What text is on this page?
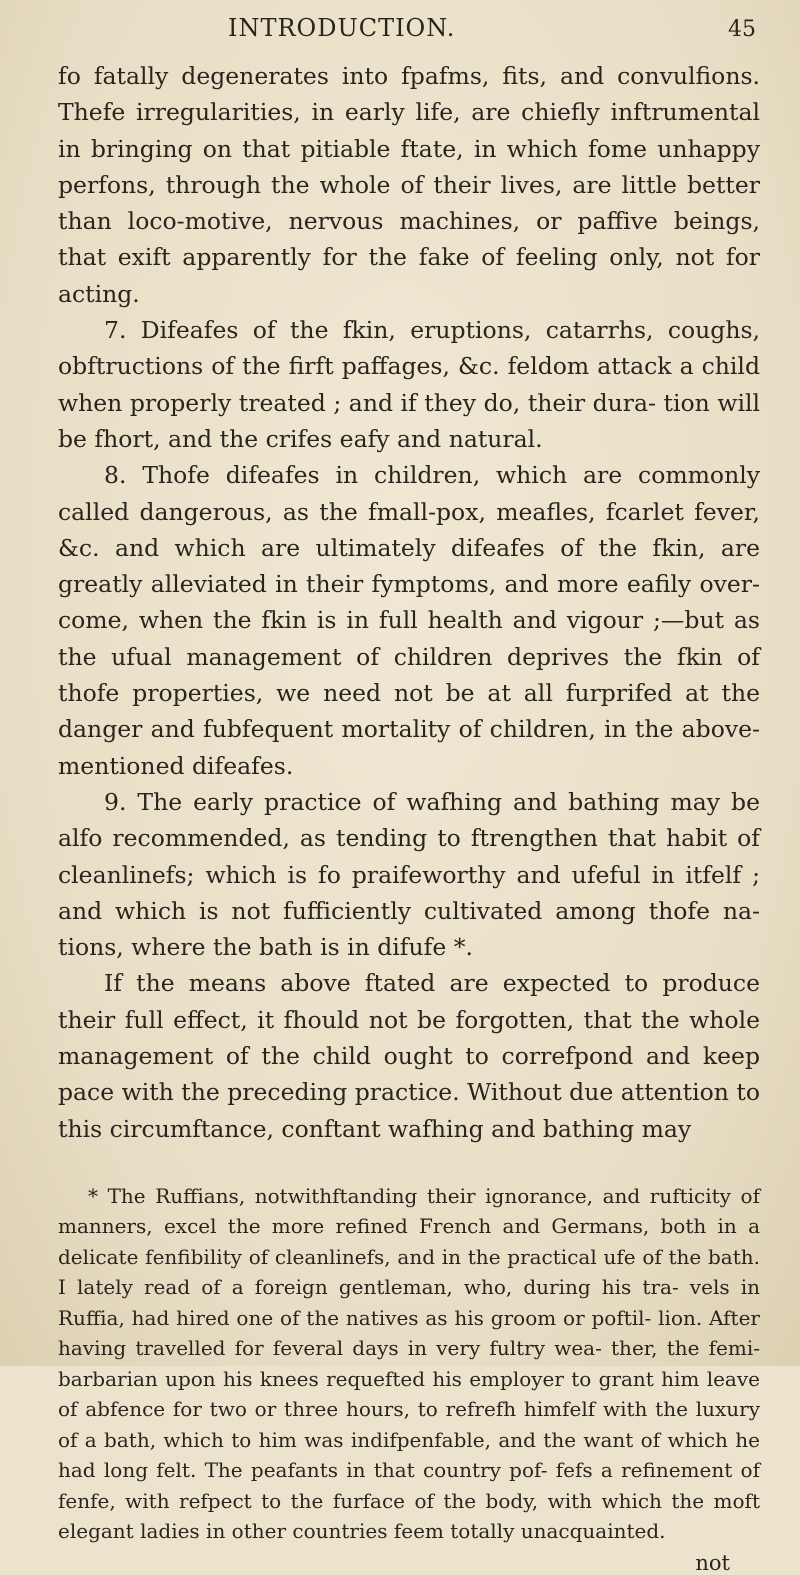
INTRODUCTION.	45

fo fatally degenerates into fpafms, fits, and convulfions. Thefe irregularities, in early life, are chiefly inftrumental in bringing on that pitiable ftate, in which fome unhappy perfons, through the whole of their lives, are little better than loco-motive, nervous machines, or paffive beings, that exift apparently for the fake of feeling only, not for acting.

7. Difeafes of the fkin, eruptions, catarrhs, coughs, obftructions of the firft paffages, &c. feldom attack a child when properly treated ; and if they do, their dura- tion will be fhort, and the crifes eafy and natural.

8. Thofe difeafes in children, which are commonly called dangerous, as the fmall-pox, meafles, fcarlet fever, &c. and which are ultimately difeafes of the fkin, are greatly alleviated in their fymptoms, and more eafily over- come, when the fkin is in full health and vigour ;—but as the ufual management of children deprives the fkin of thofe properties, we need not be at all furprifed at the danger and fubfequent mortality of children, in the above-mentioned difeafes.

9. The early practice of wafhing and bathing may be alfo recommended, as tending to ftrengthen that habit of cleanlinefs; which is fo praifeworthy and ufeful in itfelf ; and which is not fufficiently cultivated among thofe na- tions, where the bath is in difufe *.

If the means above ftated are expected to produce their full effect, it fhould not be forgotten, that the whole management of the child ought to correfpond and keep pace with the preceding practice. Without due attention to this circumftance, conftant wafhing and bathing may

* The Ruffians, notwithftanding their ignorance, and rufticity of manners, excel the more refined French and Germans, both in a delicate fenfibility of cleanlinefs, and in the practical ufe of the bath. I lately read of a foreign gentleman, who, during his tra- vels in Ruffia, had hired one of the natives as his groom or poftil- lion. After having travelled for feveral days in very fultry wea- ther, the femi-barbarian upon his knees requefted his employer to grant him leave of abfence for two or three hours, to refrefh himfelf with the luxury of a bath, which to him was indifpenfable, and the want of which he had long felt. The peafants in that country pof- fefs a refinement of fenfe, with refpect to the furface of the body, with which the moft elegant ladies in other countries feem totally unacquainted.

not
